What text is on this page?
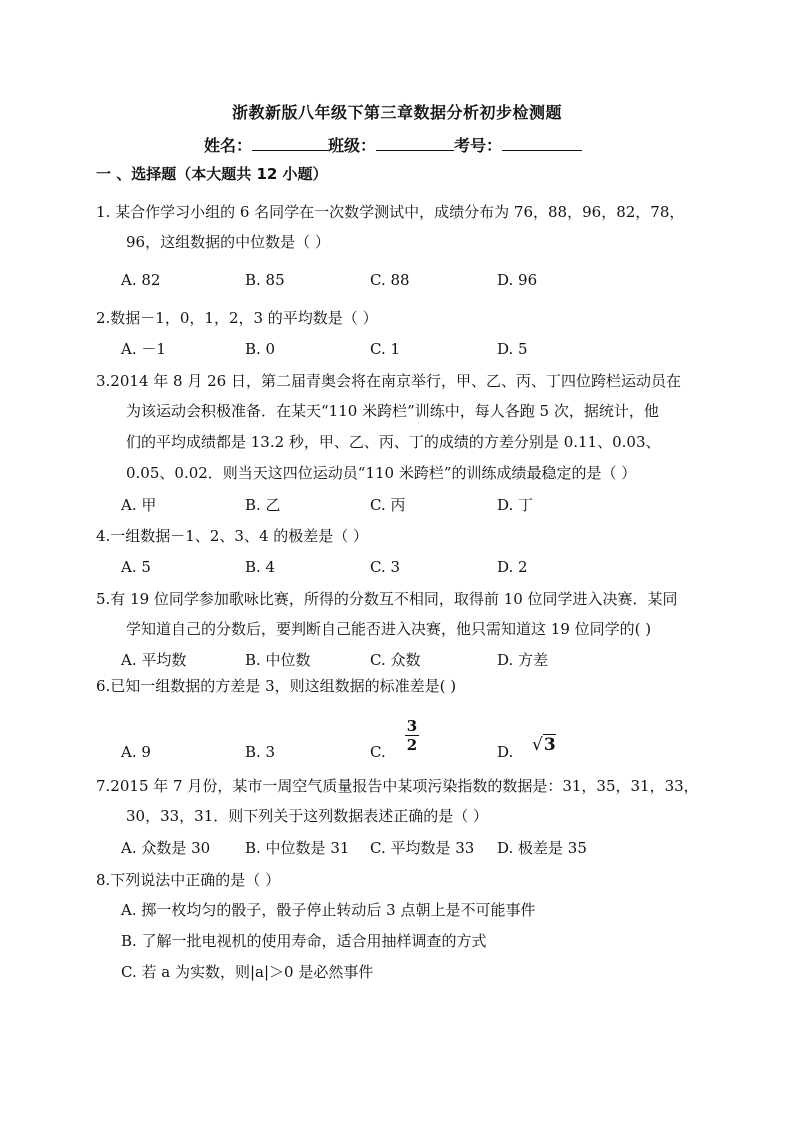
浙教新版八年级下第三章数据分析初步检测题
姓名：	班级：	考号：
一 、选择题（本大题共 12 小题）
1. 某合作学习小组的 6 名同学在一次数学测试中，成绩分布为 76，88，96，82，78，
96，这组数据的中位数是（ ）
A. 82	B. 85	C. 88	D. 96
2.数据－1，0，1，2，3 的平均数是（ ）
A. －1	B. 0	C. 1	D. 5
3.2014 年 8 月 26 日，第二届青奥会将在南京举行，甲、乙、丙、丁四位跨栏运动员在
为该运动会积极准备．在某天“110 米跨栏”训练中，每人各跑 5 次，据统计，他
们的平均成绩都是 13.2 秒，甲、乙、丙、丁的成绩的方差分别是 0.11、0.03、
0.05、0.02．则当天这四位运动员“110 米跨栏”的训练成绩最稳定的是（ ）
A. 甲	B. 乙	C. 丙	D. 丁
4.一组数据－1、2、3、4 的极差是（ ）
A. 5	B. 4	C. 3	D. 2
5.有 19 位同学参加歌咏比赛，所得的分数互不相同，取得前 10 位同学进入决赛．某同
学知道自己的分数后，要判断自己能否进入决赛，他只需知道这 19 位同学的( )
A. 平均数	B. 中位数	C. 众数	D. 方差
6.已知一组数据的方差是 3，则这组数据的标准差是( )
A. 9	B. 3	C.
3
2	D. √3
7.2015 年 7 月份，某市一周空气质量报告中某项污染指数的数据是：31，35，31，33，
30，33，31．则下列关于这列数据表述正确的是（ ）
A. 众数是 30 B. 中位数是 31 C. 平均数是 33 D. 极差是 35
8.下列说法中正确的是（ ）
A. 掷一枚均匀的骰子，骰子停止转动后 3 点朝上是不可能事件
B. 了解一批电视机的使用寿命，适合用抽样调查的方式
C. 若 a 为实数，则|a|＞0 是必然事件
